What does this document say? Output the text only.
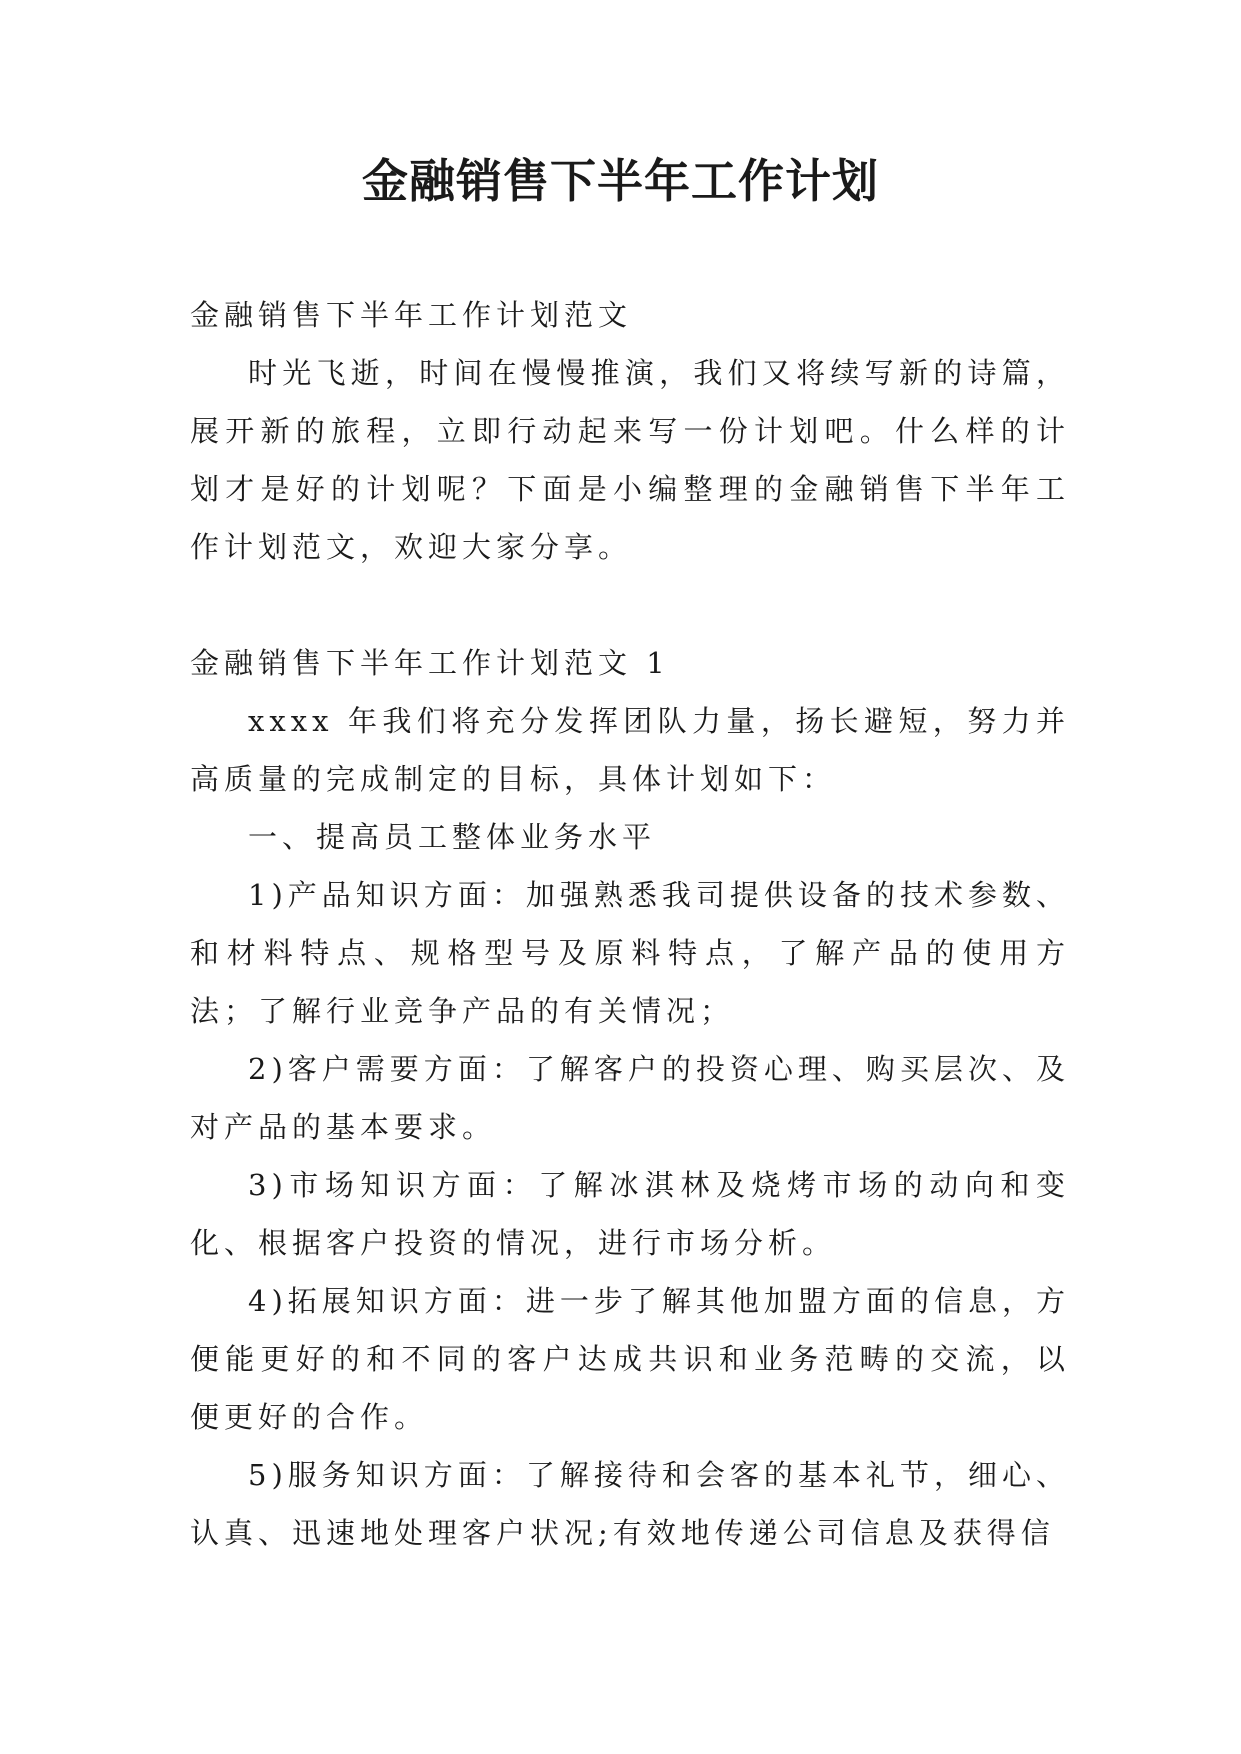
金融销售下半年工作计划

金融销售下半年工作计划范文

时光飞逝，时间在慢慢推演，我们又将续写新的诗篇，展开新的旅程，立即行动起来写一份计划吧。什么样的计划才是好的计划呢？下面是小编整理的金融销售下半年工作计划范文，欢迎大家分享。

金融销售下半年工作计划范文 1

xxxx 年我们将充分发挥团队力量，扬长避短，努力并高质量的完成制定的目标，具体计划如下：

一、提高员工整体业务水平

1)产品知识方面：加强熟悉我司提供设备的技术参数、和材料特点、规格型号及原料特点，了解产品的使用方法；了解行业竞争产品的有关情况；

2)客户需要方面：了解客户的投资心理、购买层次、及对产品的基本要求。

3)市场知识方面：了解冰淇林及烧烤市场的动向和变化、根据客户投资的情况，进行市场分析。

4)拓展知识方面：进一步了解其他加盟方面的信息，方便能更好的和不同的客户达成共识和业务范畴的交流，以便更好的合作。

5)服务知识方面：了解接待和会客的基本礼节，细心、认真、迅速地处理客户状况;有效地传递公司信息及获得信
